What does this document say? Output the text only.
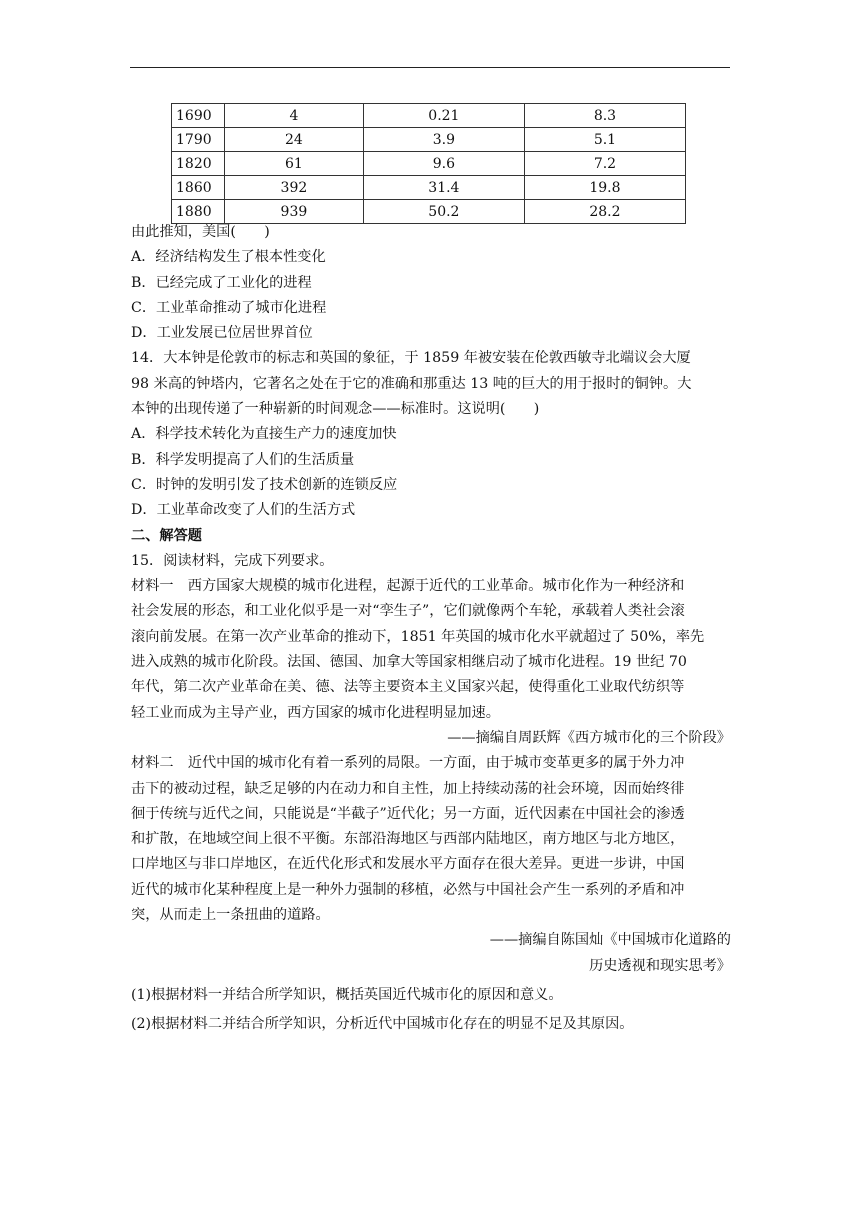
1690	4	0.21	8.3
1790	24	3.9	5.1
1820	61	9.6	7.2
1860	392	31.4	19.8
1880	939	50.2	28.2

由此推知，美国(　　)

A．经济结构发生了根本性变化

B．已经完成了工业化的进程

C．工业革命推动了城市化进程

D．工业发展已位居世界首位

14．大本钟是伦敦市的标志和英国的象征，于 1859 年被安装在伦敦西敏寺北端议会大厦

98 米高的钟塔内，它著名之处在于它的准确和那重达 13 吨的巨大的用于报时的铜钟。大

本钟的出现传递了一种崭新的时间观念——标准时。这说明(　　)

A．科学技术转化为直接生产力的速度加快

B．科学发明提高了人们的生活质量

C．时钟的发明引发了技术创新的连锁反应

D．工业革命改变了人们的生活方式

二、解答题

15．阅读材料，完成下列要求。

材料一　西方国家大规模的城市化进程，起源于近代的工业革命。城市化作为一种经济和

社会发展的形态，和工业化似乎是一对“孪生子”，它们就像两个车轮，承载着人类社会滚

滚向前发展。在第一次产业革命的推动下，1851 年英国的城市化水平就超过了 50%，率先

进入成熟的城市化阶段。法国、德国、加拿大等国家相继启动了城市化进程。19 世纪 70

年代，第二次产业革命在美、德、法等主要资本主义国家兴起，使得重化工业取代纺织等

轻工业而成为主导产业，西方国家的城市化进程明显加速。

——摘编自周跃辉《西方城市化的三个阶段》

材料二　近代中国的城市化有着一系列的局限。一方面，由于城市变革更多的属于外力冲

击下的被动过程，缺乏足够的内在动力和自主性，加上持续动荡的社会环境，因而始终徘

徊于传统与近代之间，只能说是“半截子”近代化；另一方面，近代因素在中国社会的渗透

和扩散，在地域空间上很不平衡。东部沿海地区与西部内陆地区，南方地区与北方地区，

口岸地区与非口岸地区，在近代化形式和发展水平方面存在很大差异。更进一步讲，中国

近代的城市化某种程度上是一种外力强制的移植，必然与中国社会产生一系列的矛盾和冲

突，从而走上一条扭曲的道路。

——摘编自陈国灿《中国城市化道路的

历史透视和现实思考》

(1)根据材料一并结合所学知识，概括英国近代城市化的原因和意义。

(2)根据材料二并结合所学知识，分析近代中国城市化存在的明显不足及其原因。
